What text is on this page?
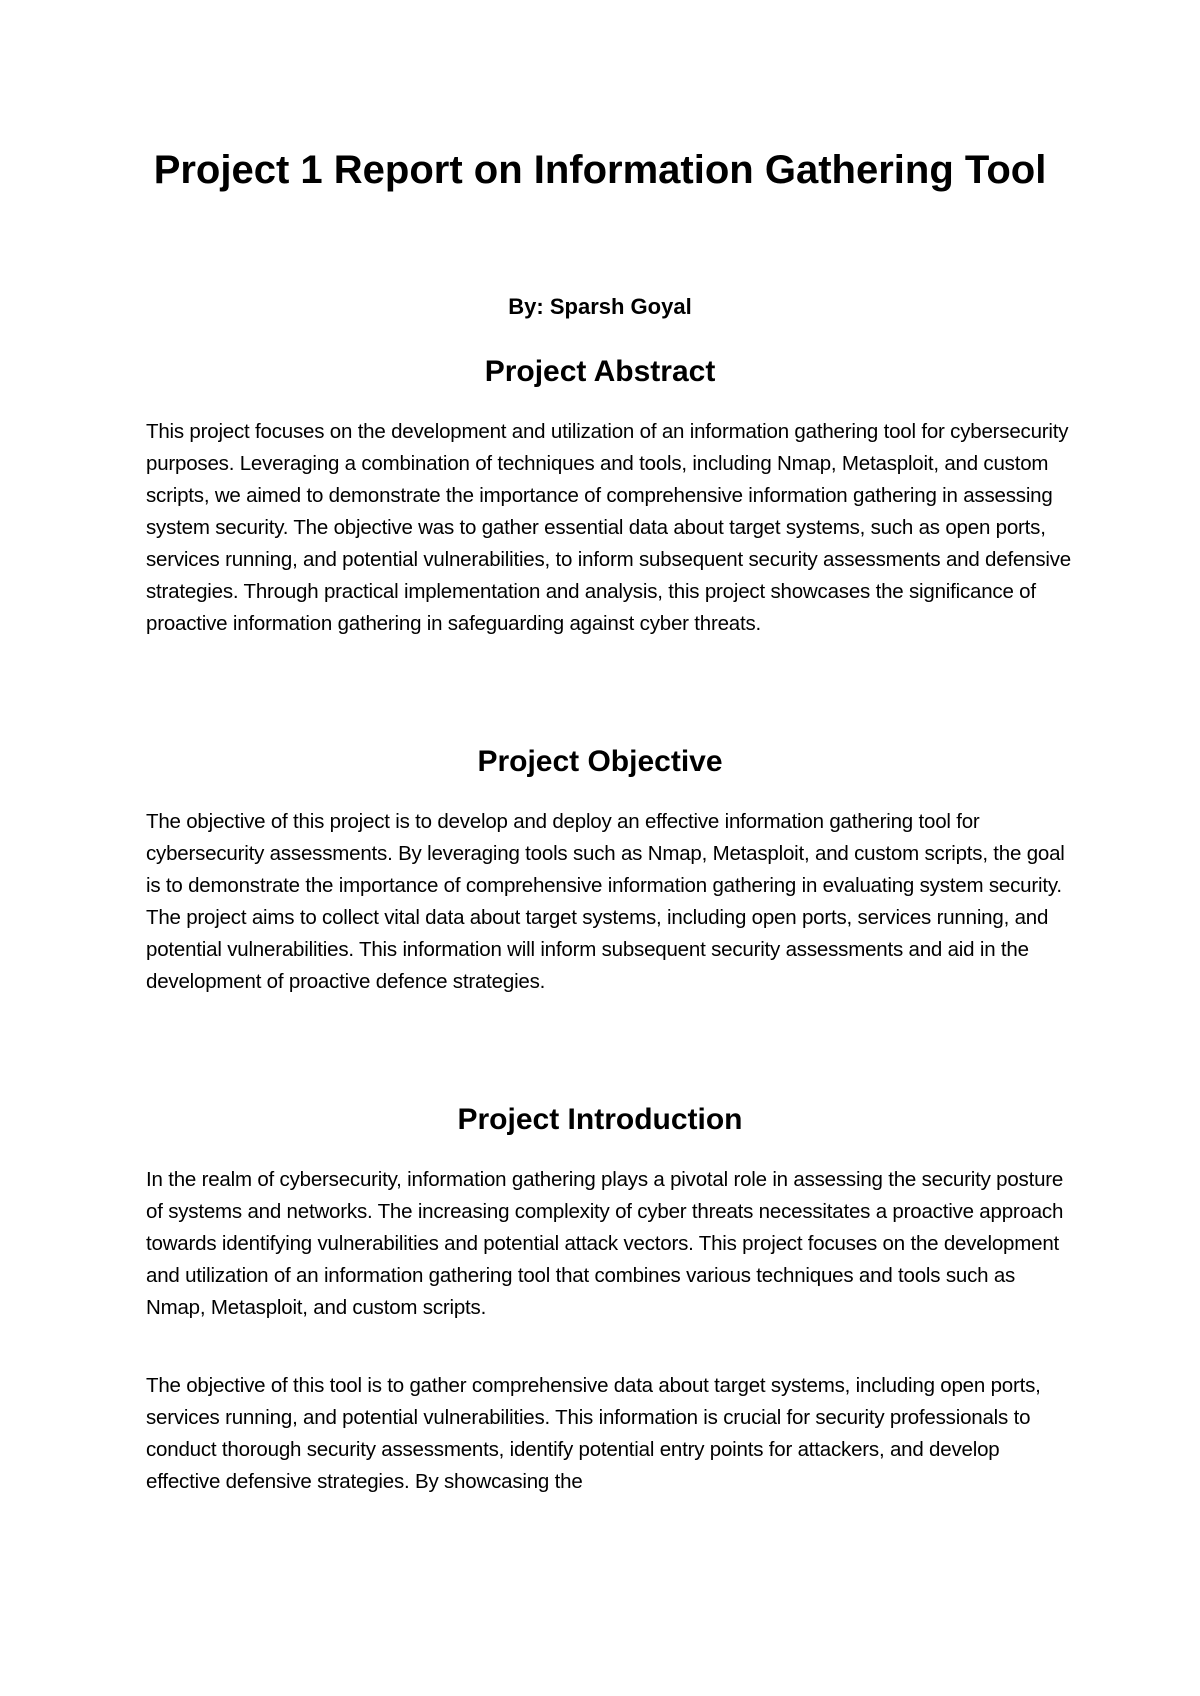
Project 1 Report on Information Gathering Tool

By: Sparsh Goyal

Project Abstract

This project focuses on the development and utilization of an information gathering tool for cybersecurity purposes. Leveraging a combination of techniques and tools, including Nmap, Metasploit, and custom scripts, we aimed to demonstrate the importance of comprehensive information gathering in assessing system security. The objective was to gather essential data about target systems, such as open ports, services running, and potential vulnerabilities, to inform subsequent security assessments and defensive strategies. Through practical implementation and analysis, this project showcases the significance of proactive information gathering in safeguarding against cyber threats.

Project Objective

The objective of this project is to develop and deploy an effective information gathering tool for cybersecurity assessments. By leveraging tools such as Nmap, Metasploit, and custom scripts, the goal is to demonstrate the importance of comprehensive information gathering in evaluating system security. The project aims to collect vital data about target systems, including open ports, services running, and potential vulnerabilities. This information will inform subsequent security assessments and aid in the development of proactive defence strategies.

Project Introduction

In the realm of cybersecurity, information gathering plays a pivotal role in assessing the security posture of systems and networks. The increasing complexity of cyber threats necessitates a proactive approach towards identifying vulnerabilities and potential attack vectors. This project focuses on the development and utilization of an information gathering tool that combines various techniques and tools such as Nmap, Metasploit, and custom scripts.

The objective of this tool is to gather comprehensive data about target systems, including open ports, services running, and potential vulnerabilities. This information is crucial for security professionals to conduct thorough security assessments, identify potential entry points for attackers, and develop effective defensive strategies. By showcasing the
